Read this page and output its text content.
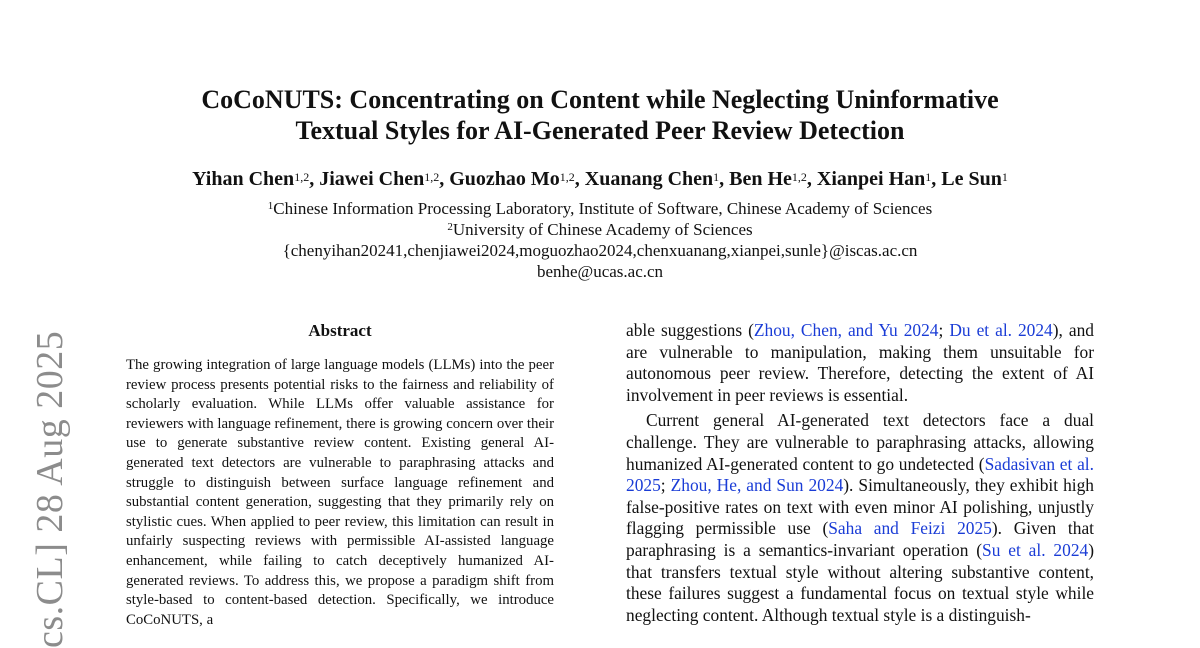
cs.CL] 28 Aug 2025
CoCoNUTS: Concentrating on Content while Neglecting Uninformative
Textual Styles for AI-Generated Peer Review Detection
Yihan Chen$^{1,2}$, Jiawei Chen$^{1,2}$, Guozhao Mo$^{1,2}$, Xuanang Chen$^1$, Ben He$^{1,2}$, Xianpei Han$^1$, Le Sun$^1$
$^1$Chinese Information Processing Laboratory, Institute of Software, Chinese Academy of Sciences
$^2$University of Chinese Academy of Sciences
{chenyihan20241,chenjiawei2024,moguozhao2024,chenxuanang,xianpei,sunle}@iscas.ac.cn
benhe@ucas.ac.cn
Abstract
The growing integration of large language models (LLMs) into the peer review process presents potential risks to the fairness and reliability of scholarly evaluation. While LLMs offer valuable assistance for reviewers with language refinement, there is growing concern over their use to generate substantive review content. Existing general AI-generated text detectors are vulnerable to paraphrasing attacks and struggle to distinguish between surface language refinement and substantial content generation, suggesting that they primarily rely on stylistic cues. When applied to peer review, this limitation can result in unfairly suspecting reviews with permissible AI-assisted language enhancement, while failing to catch deceptively humanized AI-generated reviews. To address this, we propose a paradigm shift from style-based to content-based detection. Specifically, we introduce CoCoNUTS, a

able suggestions (Zhou, Chen, and Yu 2024; Du et al. 2024), and are vulnerable to manipulation, making them unsuitable for autonomous peer review. Therefore, detecting the extent of AI involvement in peer reviews is essential.

Current general AI-generated text detectors face a dual challenge. They are vulnerable to paraphrasing attacks, allowing humanized AI-generated content to go undetected (Sadasivan et al. 2025; Zhou, He, and Sun 2024). Simultaneously, they exhibit high false-positive rates on text with even minor AI polishing, unjustly flagging permissible use (Saha and Feizi 2025). Given that paraphrasing is a semantics-invariant operation (Su et al. 2024) that transfers textual style without altering substantive content, these failures suggest a fundamental focus on textual style while neglecting content. Although textual style is a distinguish-
